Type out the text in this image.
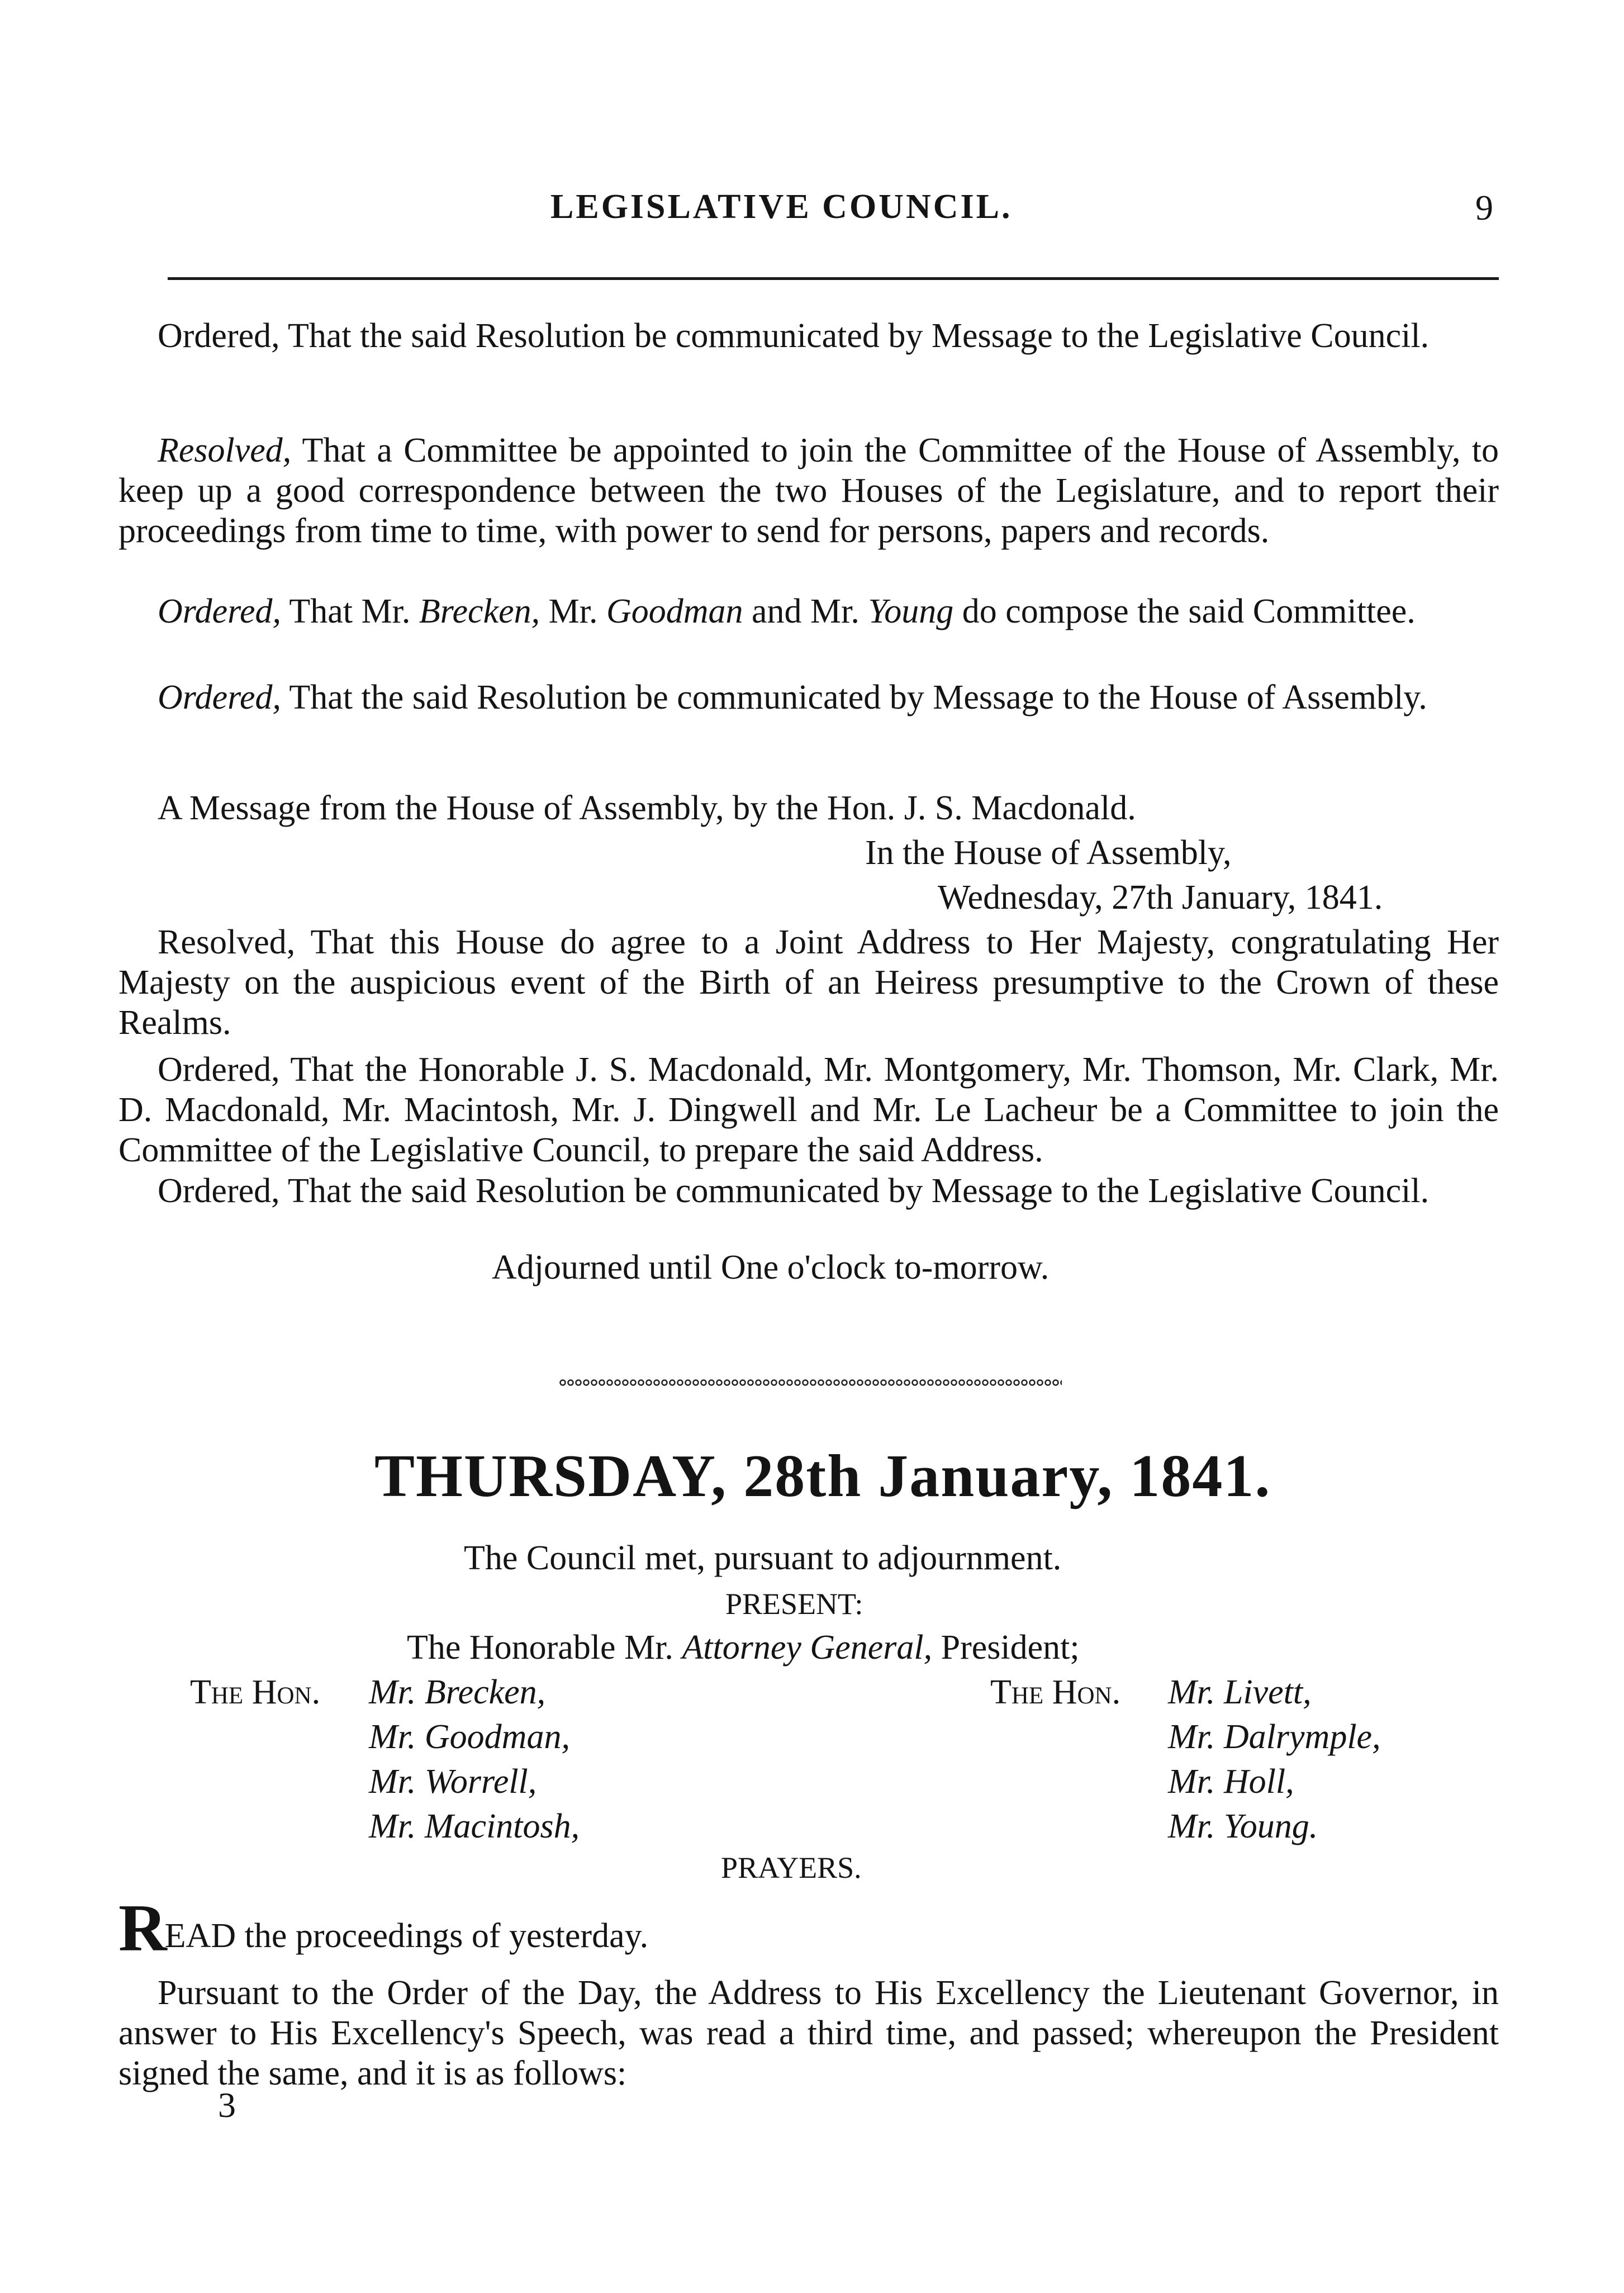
LEGISLATIVE COUNCIL.	9
Ordered, That the said Resolution be communicated by Message to the Legislative Council.
Resolved, That a Committee be appointed to join the Committee of the House of Assembly, to keep up a good correspondence between the two Houses of the Legislature, and to report their proceedings from time to time, with power to send for persons, papers and records.
Ordered, That Mr. Brecken, Mr. Goodman and Mr. Young do compose the said Committee.
Ordered, That the said Resolution be communicated by Message to the House of Assembly.
A Message from the House of Assembly, by the Hon. J. S. Macdonald.
In the House of Assembly,
Wednesday, 27th January, 1841.
Resolved, That this House do agree to a Joint Address to Her Majesty, congratulating Her Majesty on the auspicious event of the Birth of an Heiress presumptive to the Crown of these Realms.
Ordered, That the Honorable J. S. Macdonald, Mr. Montgomery, Mr. Thomson, Mr. Clark, Mr. D. Macdonald, Mr. Macintosh, Mr. J. Dingwell and Mr. Le Lacheur be a Committee to join the Committee of the Legislative Council, to prepare the said Address.
Ordered, That the said Resolution be communicated by Message to the Legislative Council.
Adjourned until One o'clock to-morrow.
THURSDAY, 28th January, 1841.
The Council met, pursuant to adjournment.
PRESENT:
The Honorable Mr. Attorney General, President;
The Hon. Mr. Brecken,
Mr. Goodman,
Mr. Worrell,
Mr. Macintosh,
The Hon. Mr. Livett,
Mr. Dalrymple,
Mr. Holl,
Mr. Young.
PRAYERS.
READ the proceedings of yesterday.
Pursuant to the Order of the Day, the Address to His Excellency the Lieutenant Governor, in answer to His Excellency's Speech, was read a third time, and passed; whereupon the President signed the same, and it is as follows:
3
